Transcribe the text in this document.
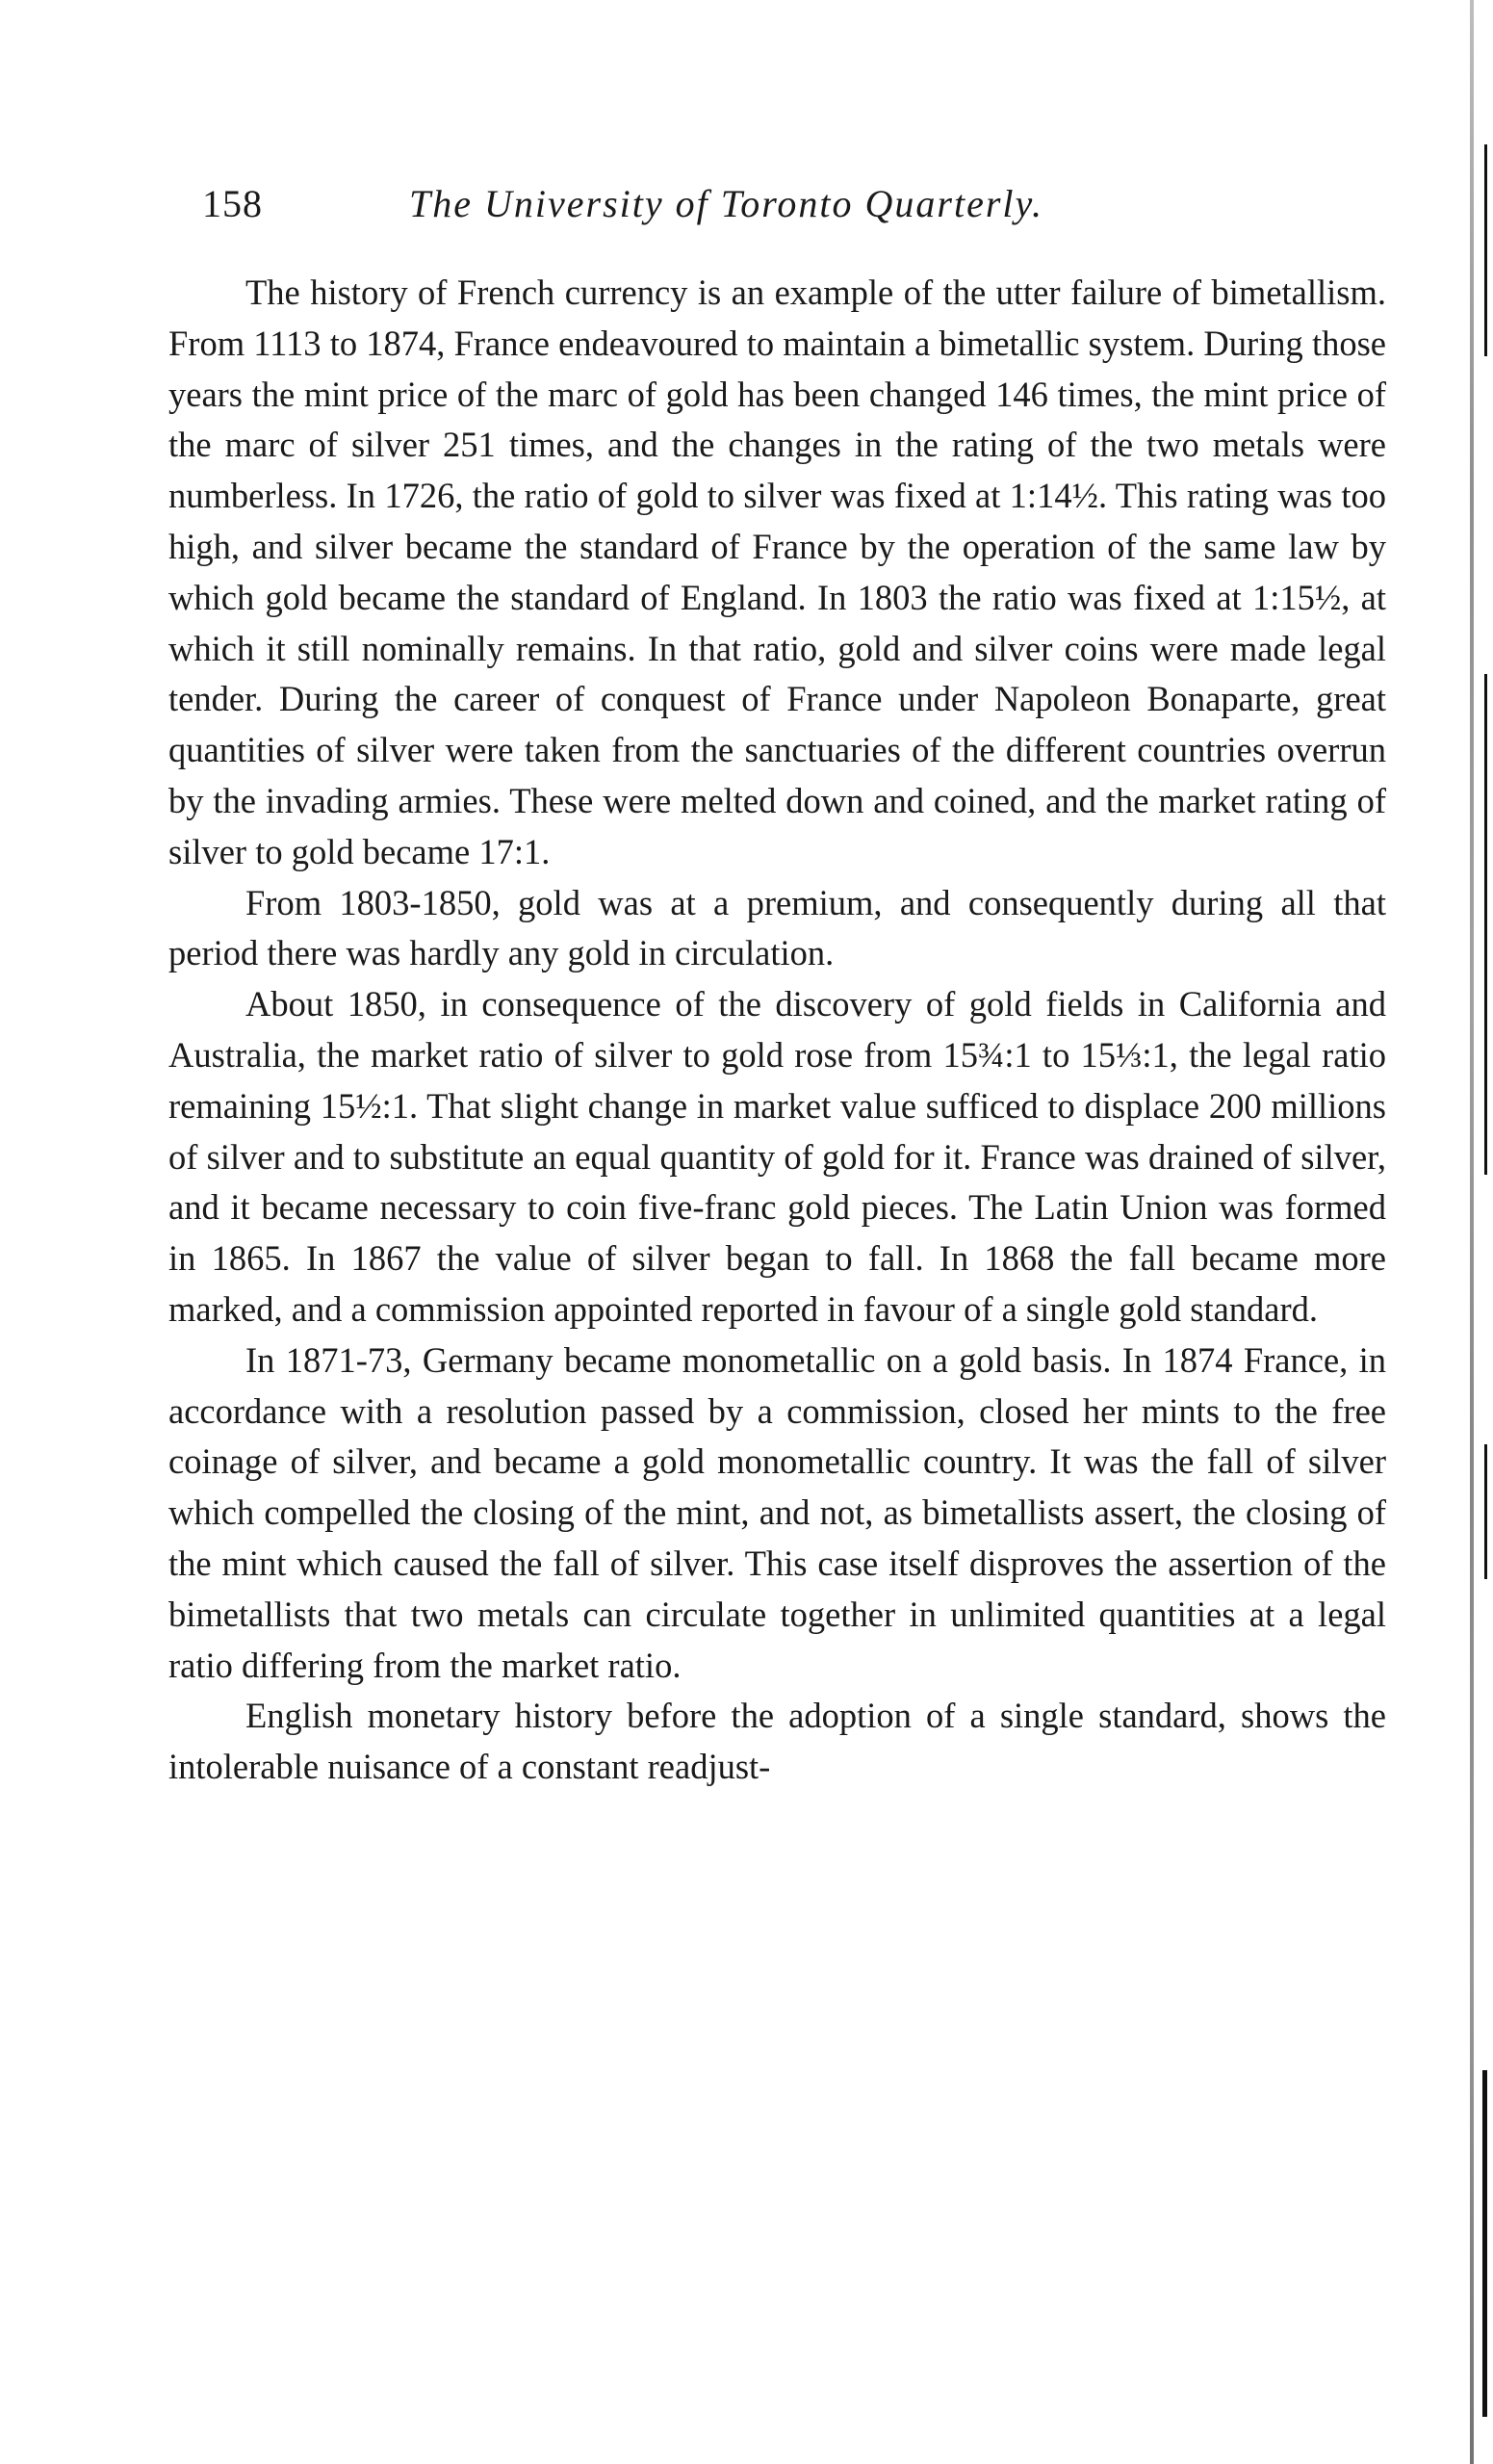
158	The University of Toronto Quarterly.

The history of French currency is an example of the utter failure of bimetallism. From 1113 to 1874, France endeavoured to maintain a bimetallic system. During those years the mint price of the marc of gold has been changed 146 times, the mint price of the marc of silver 251 times, and the changes in the rating of the two metals were numberless. In 1726, the ratio of gold to silver was fixed at 1:14½. This rating was too high, and silver became the standard of France by the operation of the same law by which gold became the standard of England. In 1803 the ratio was fixed at 1:15½, at which it still nominally remains. In that ratio, gold and silver coins were made legal tender. During the career of conquest of France under Napoleon Bonaparte, great quantities of silver were taken from the sanctuaries of the different countries overrun by the invading armies. These were melted down and coined, and the market rating of silver to gold became 17:1.

From 1803-1850, gold was at a premium, and consequently during all that period there was hardly any gold in circulation.

About 1850, in consequence of the discovery of gold fields in California and Australia, the market ratio of silver to gold rose from 15¾:1 to 15⅓:1, the legal ratio remaining 15½:1. That slight change in market value sufficed to displace 200 millions of silver and to substitute an equal quantity of gold for it. France was drained of silver, and it became necessary to coin five-franc gold pieces. The Latin Union was formed in 1865. In 1867 the value of silver began to fall. In 1868 the fall became more marked, and a commission appointed reported in favour of a single gold standard.

In 1871-73, Germany became monometallic on a gold basis. In 1874 France, in accordance with a resolution passed by a commission, closed her mints to the free coinage of silver, and became a gold monometallic country. It was the fall of silver which compelled the closing of the mint, and not, as bimetallists assert, the closing of the mint which caused the fall of silver. This case itself disproves the assertion of the bimetallists that two metals can circulate together in unlimited quantities at a legal ratio differing from the market ratio.

English monetary history before the adoption of a single standard, shows the intolerable nuisance of a constant readjust-
